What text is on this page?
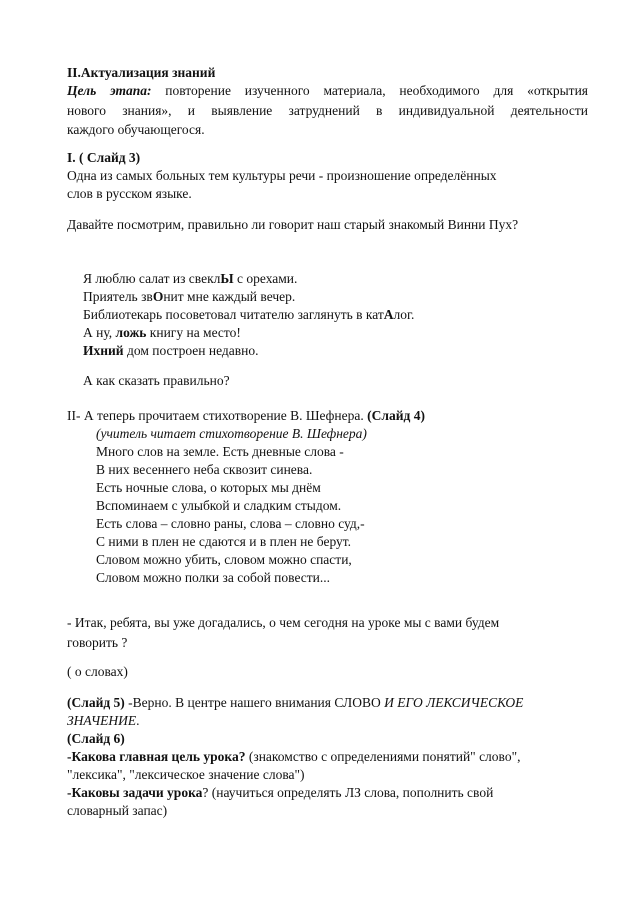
II.Актуализация знаний
Цель этапа: повторение изученного материала, необходимого для «открытия
нового знания», и выявление затруднений в индивидуальной деятельности
каждого обучающегося.
I. ( Слайд 3)
Одна из самых больных тем культуры речи - произношение определённых
слов в русском языке.
Давайте посмотрим, правильно ли говорит наш старый знакомый Винни Пух?
Я люблю салат из свеклЫ с орехами.
Приятель звОнит мне каждый вечер.
Библиотекарь посоветовал читателю заглянуть в катАлог.
А ну, ложь книгу на место!
Ихний дом построен недавно.
А как сказать правильно?
II- А теперь прочитаем стихотворение В. Шефнера. (Слайд 4)
(учитель читает стихотворение В. Шефнера)
Много слов на земле. Есть дневные слова -
В них весеннего неба сквозит синева.
Есть ночные слова, о которых мы днём
Вспоминаем с улыбкой и сладким стыдом.
Есть слова – словно раны, слова – словно суд,-
С ними в плен не сдаются и в плен не берут.
Словом можно убить, словом можно спасти,
Словом можно полки за собой повести...
- Итак, ребята, вы уже догадались, о чем сегодня на уроке мы с вами будем
говорить ?
( о словах)
(Слайд 5) -Верно. В центре нашего внимания СЛОВО И ЕГО ЛЕКСИЧЕСКОЕ
ЗНАЧЕНИЕ.
(Слайд 6)
-Какова главная цель урока? (знакомство с определениями понятий" слово",
"лексика", "лексическое значение слова")
-Каковы задачи урока? (научиться определять ЛЗ слова, пополнить свой
словарный запас)
